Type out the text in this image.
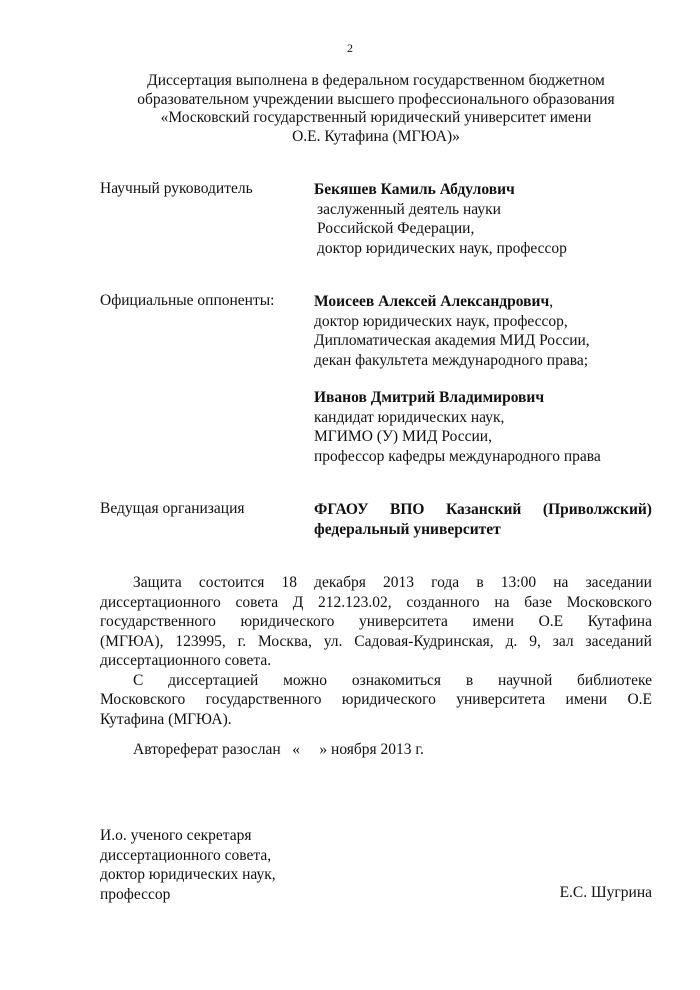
2
Диссертация выполнена в федеральном государственном бюджетном
образовательном учреждении высшего профессионального образования
«Московский государственный юридический университет имени
О.Е. Кутафина (МГЮА)»
Научный руководитель	Бекяшев Камиль Абдулович
заслуженный деятель науки
Российской Федерации,
доктор юридических наук, профессор
Официальные оппоненты:	Моисеев Алексей Александрович,
доктор юридических наук, профессор,
Дипломатическая академия МИД России,
декан факультета международного права;
Иванов Дмитрий Владимирович
кандидат юридических наук,
МГИМО (У) МИД России,
профессор кафедры международного права
Ведущая организация	ФГАОУ ВПО Казанский (Приволжский)
федеральный университет
Защита состоится 18 декабря 2013 года в 13:00 на заседании
диссертационного совета Д 212.123.02, созданного на базе Московского
государственного юридического университета имени О.Е Кутафина
(МГЮА), 123995, г. Москва, ул. Садовая-Кудринская, д. 9, зал заседаний
диссертационного совета.
С диссертацией можно ознакомиться в научной библиотеке
Московского государственного юридического университета имени О.Е
Кутафина (МГЮА).
Автореферат разослан   «     » ноября 2013 г.
И.о. ученого секретаря
диссертационного совета,
доктор юридических наук,
профессор	Е.С. Шугрина
